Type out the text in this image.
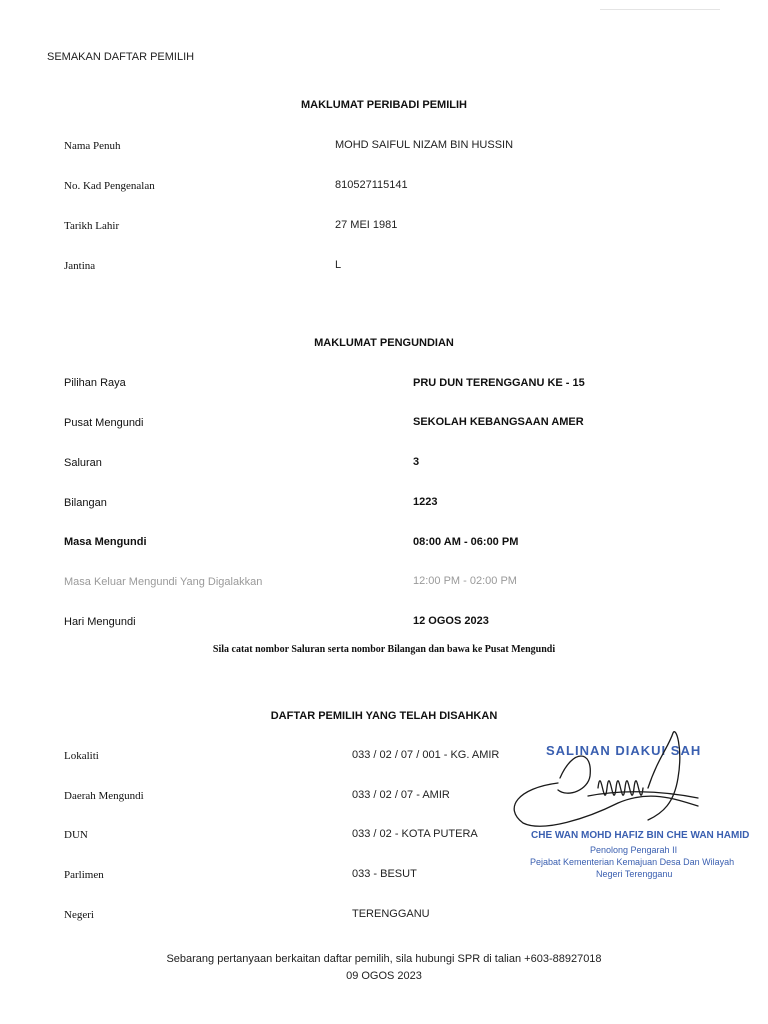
SEMAKAN DAFTAR PEMILIH
MAKLUMAT PERIBADI PEMILIH
Nama Penuh	MOHD SAIFUL NIZAM BIN HUSSIN
No. Kad Pengenalan	810527115141
Tarikh Lahir	27 MEI 1981
Jantina	L
MAKLUMAT PENGUNDIAN
Pilihan Raya	PRU DUN TERENGGANU KE - 15
Pusat Mengundi	SEKOLAH KEBANGSAAN AMER
Saluran	3
Bilangan	1223
Masa Mengundi	08:00 AM - 06:00 PM
Masa Keluar Mengundi Yang Digalakkan	12:00 PM - 02:00 PM
Hari Mengundi	12 OGOS 2023
Sila catat nombor Saluran serta nombor Bilangan dan bawa ke Pusat Mengundi
DAFTAR PEMILIH YANG TELAH DISAHKAN
Lokaliti	033 / 02 / 07 / 001 - KG. AMIR
Daerah Mengundi	033 / 02 / 07 - AMIR
DUN	033 / 02 - KOTA PUTERA
Parlimen	033 - BESUT
Negeri	TERENGGANU
SALINAN DIAKUI SAH
CHE WAN MOHD HAFIZ BIN CHE WAN HAMID
Penolong Pengarah II
Pejabat Kementerian Kemajuan Desa Dan Wilayah
Negeri Terengganu
Sebarang pertanyaan berkaitan daftar pemilih, sila hubungi SPR di talian +603-88927018
09 OGOS 2023
